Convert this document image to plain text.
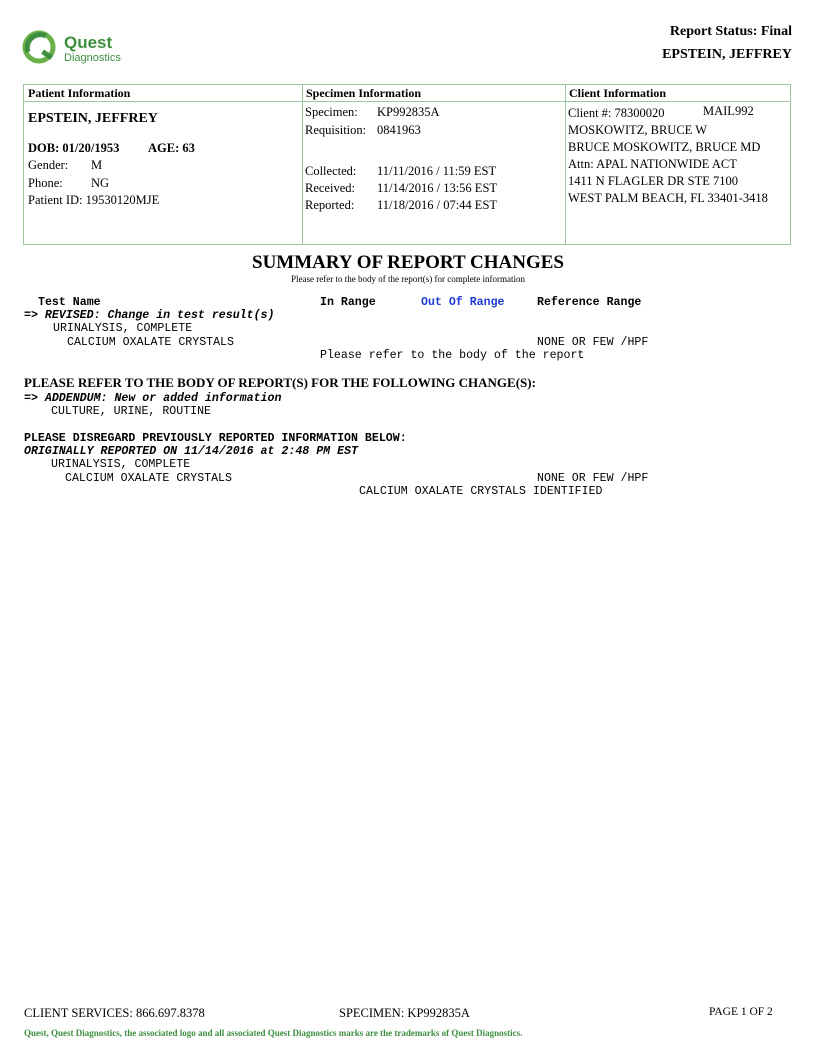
Quest
Diagnostics
Report Status: Final
EPSTEIN, JEFFREY
Patient Information
EPSTEIN, JEFFREY
DOB: 01/20/1953 AGE: 63
Gender: M
Phone: NG
Patient ID: 19530120MJE
Specimen Information
Specimen: KP992835A
Requisition: 0841963
Collected: 11/11/2016 / 11:59 EST
Received: 11/14/2016 / 13:56 EST
Reported: 11/18/2016 / 07:44 EST
Client Information
Client #: 78300020	MAIL992
MOSKOWITZ, BRUCE W
BRUCE MOSKOWITZ, BRUCE MD
Attn: APAL NATIONWIDE ACT
1411 N FLAGLER DR STE 7100
WEST PALM BEACH, FL 33401-3418
SUMMARY OF REPORT CHANGES
Please refer to the body of the report(s) for complete information
Test Name	In Range	Out Of Range	Reference Range
=> REVISED: Change in test result(s)
URINALYSIS, COMPLETE
CALCIUM OXALATE CRYSTALS	NONE OR FEW /HPF
Please refer to the body of the report
PLEASE REFER TO THE BODY OF REPORT(S) FOR THE FOLLOWING CHANGE(S):
=> ADDENDUM: New or added information
CULTURE, URINE, ROUTINE
PLEASE DISREGARD PREVIOUSLY REPORTED INFORMATION BELOW:
ORIGINALLY REPORTED ON 11/14/2016 at 2:48 PM EST
URINALYSIS, COMPLETE
CALCIUM OXALATE CRYSTALS	NONE OR FEW /HPF
CALCIUM OXALATE CRYSTALS IDENTIFIED
CLIENT SERVICES: 866.697.8378	SPECIMEN: KP992835A	PAGE 1 OF 2
Quest, Quest Diagnostics, the associated logo and all associated Quest Diagnostics marks are the trademarks of Quest Diagnostics.
